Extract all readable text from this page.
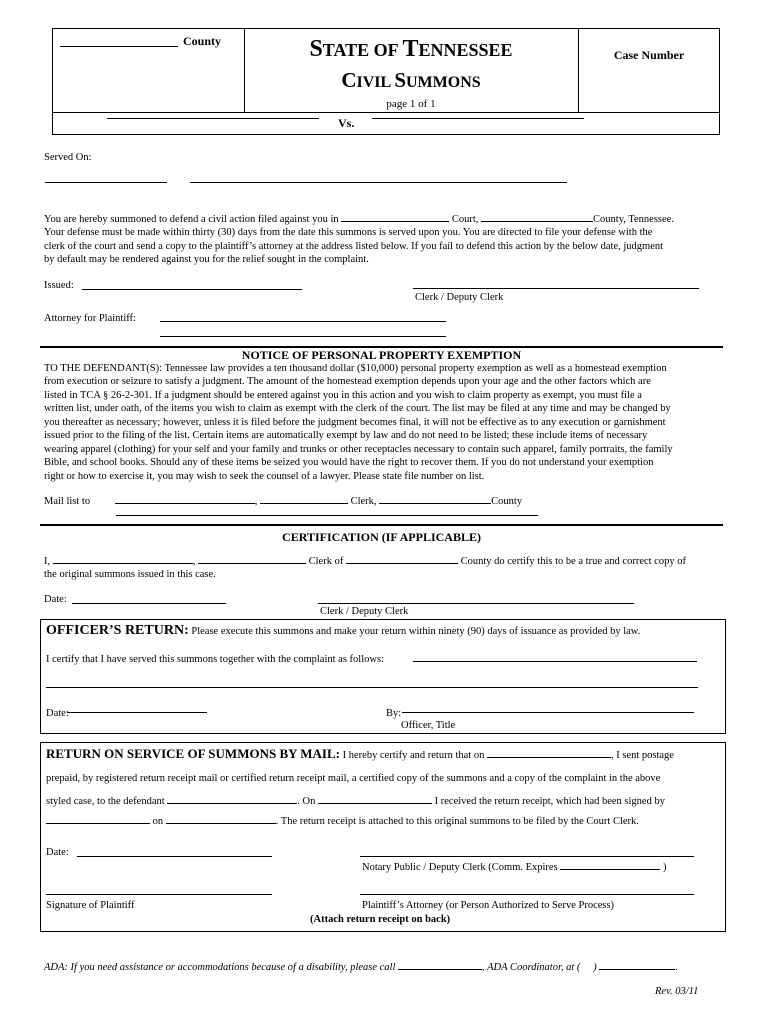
County	STATE OF TENNESSEE
CIVIL SUMMONS
page 1 of 1
Case Number
Vs.
Served On:
You are hereby summoned to defend a civil action filed against you in	Court,	County, Tennessee.
Your defense must be made within thirty (30) days from the date this summons is served upon you. You are directed to file your defense with the
clerk of the court and send a copy to the plaintiff’s attorney at the address listed below. If you fail to defend this action by the below date, judgment
by default may be rendered against you for the relief sought in the complaint.
Issued:
Clerk / Deputy Clerk
Attorney for Plaintiff:
NOTICE OF PERSONAL PROPERTY EXEMPTION
TO THE DEFENDANT(S): Tennessee law provides a ten thousand dollar ($10,000) personal property exemption as well as a homestead exemption
from execution or seizure to satisfy a judgment. The amount of the homestead exemption depends upon your age and the other factors which are
listed in TCA § 26-2-301. If a judgment should be entered against you in this action and you wish to claim property as exempt, you must file a
written list, under oath, of the items you wish to claim as exempt with the clerk of the court. The list may be filed at any time and may be changed by
you thereafter as necessary; however, unless it is filed before the judgment becomes final, it will not be effective as to any execution or garnishment
issued prior to the filing of the list. Certain items are automatically exempt by law and do not need to be listed; these include items of necessary
wearing apparel (clothing) for your self and your family and trunks or other receptacles necessary to contain such apparel, family portraits, the family
Bible, and school books. Should any of these items be seized you would have the right to recover them. If you do not understand your exemption
right or how to exercise it, you may wish to seek the counsel of a lawyer. Please state file number on list.
Mail list to	,	Clerk,	County
CERTIFICATION (IF APPLICABLE)
I,	,	Clerk of	County do certify this to be a true and correct copy of
the original summons issued in this case.
Date:
Clerk / Deputy Clerk
OFFICER’S RETURN: Please execute this summons and make your return within ninety (90) days of issuance as provided by law.
I certify that I have served this summons together with the complaint as follows:
Date:	By:
Officer, Title
RETURN ON SERVICE OF SUMMONS BY MAIL: I hereby certify and return that on	, I sent postage
prepaid, by registered return receipt mail or certified return receipt mail, a certified copy of the summons and a copy of the complaint in the above
styled case, to the defendant	. On	I received the return receipt, which had been signed by
on	. The return receipt is attached to this original summons to be filed by the Court Clerk.
Date:
Notary Public / Deputy Clerk (Comm. Expires	)
Signature of Plaintiff	Plaintiff’s Attorney (or Person Authorized to Serve Process)
(Attach return receipt on back)
ADA: If you need assistance or accommodations because of a disability, please call	, ADA Coordinator, at ( )	.
Rev. 03/11
